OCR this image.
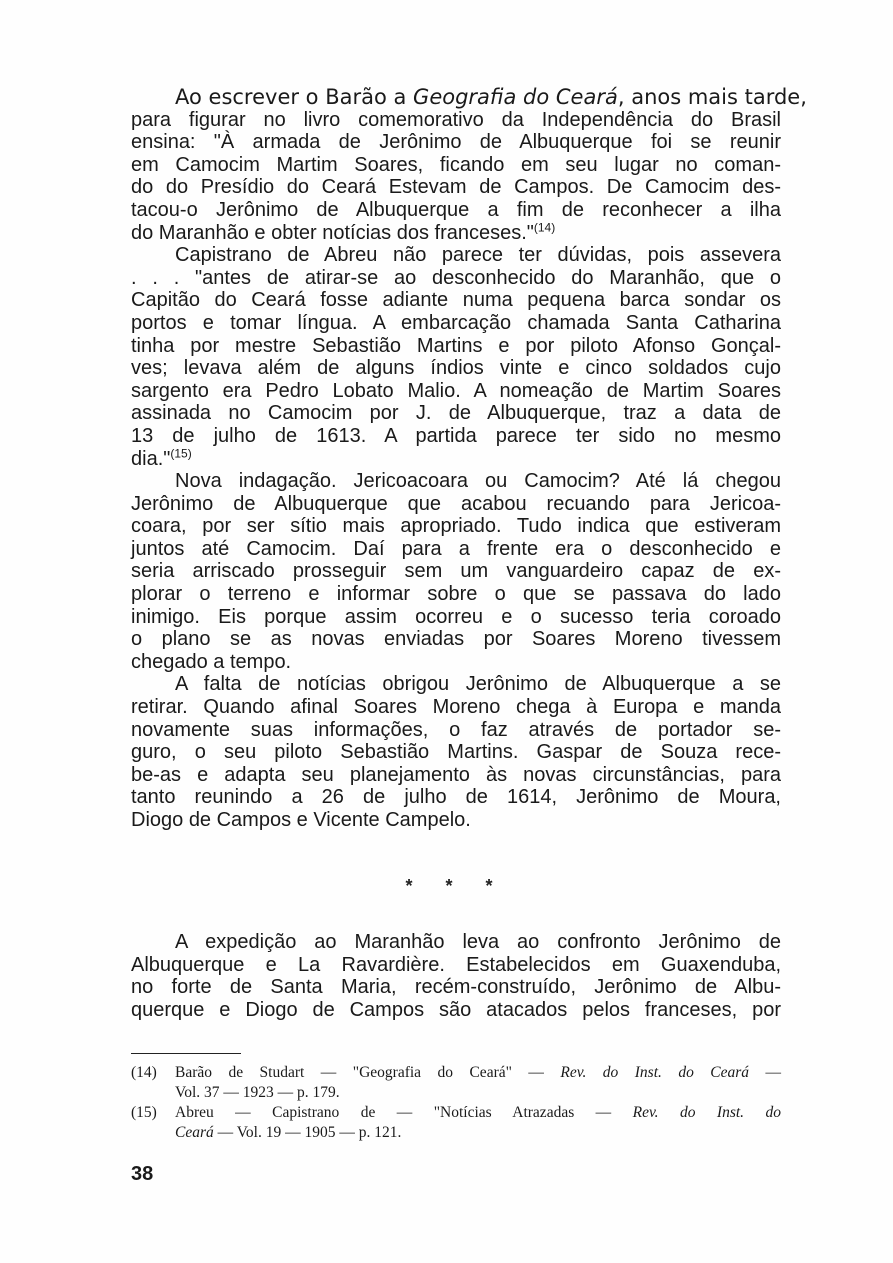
Ao escrever o Barão a Geografia do Ceará, anos mais tarde,
para figurar no livro comemorativo da Independência do Brasil
ensina: "À armada de Jerônimo de Albuquerque foi se reunir
em Camocim Martim Soares, ficando em seu lugar no coman-
do do Presídio do Ceará Estevam de Campos. De Camocim des-
tacou-o Jerônimo de Albuquerque a fim de reconhecer a ilha
do Maranhão e obter notícias dos franceses."$^{(14)}$
Capistrano de Abreu não parece ter dúvidas, pois assevera
. . . "antes de atirar-se ao desconhecido do Maranhão, que o
Capitão do Ceará fosse adiante numa pequena barca sondar os
portos e tomar língua. A embarcação chamada Santa Catharina
tinha por mestre Sebastião Martins e por piloto Afonso Gonçal-
ves; levava além de alguns índios vinte e cinco soldados cujo
sargento era Pedro Lobato Malio. A nomeação de Martim Soares
assinada no Camocim por J. de Albuquerque, traz a data de
13 de julho de 1613. A partida parece ter sido no mesmo
dia."$^{(15)}$
Nova indagação. Jericoacoara ou Camocim? Até lá chegou
Jerônimo de Albuquerque que acabou recuando para Jericoa-
coara, por ser sítio mais apropriado. Tudo indica que estiveram
juntos até Camocim. Daí para a frente era o desconhecido e
seria arriscado prosseguir sem um vanguardeiro capaz de ex-
plorar o terreno e informar sobre o que se passava do lado
inimigo. Eis porque assim ocorreu e o sucesso teria coroado
o plano se as novas enviadas por Soares Moreno tivessem
chegado a tempo.
A falta de notícias obrigou Jerônimo de Albuquerque a se
retirar. Quando afinal Soares Moreno chega à Europa e manda
novamente suas informações, o faz através de portador se-
guro, o seu piloto Sebastião Martins. Gaspar de Souza rece-
be-as e adapta seu planejamento às novas circunstâncias, para
tanto reunindo a 26 de julho de 1614, Jerônimo de Moura,
Diogo de Campos e Vicente Campelo.
* * *
A expedição ao Maranhão leva ao confronto Jerônimo de
Albuquerque e La Ravardière. Estabelecidos em Guaxenduba,
no forte de Santa Maria, recém-construído, Jerônimo de Albu-
querque e Diogo de Campos são atacados pelos franceses, por
(14)	Barão de Studart — "Geografia do Ceará" — Rev. do Inst. do Ceará —
Vol. 37 — 1923 — p. 179.
(15)	Abreu — Capistrano de — "Notícias Atrazadas — Rev. do Inst. do
Ceará — Vol. 19 — 1905 — p. 121.
38
